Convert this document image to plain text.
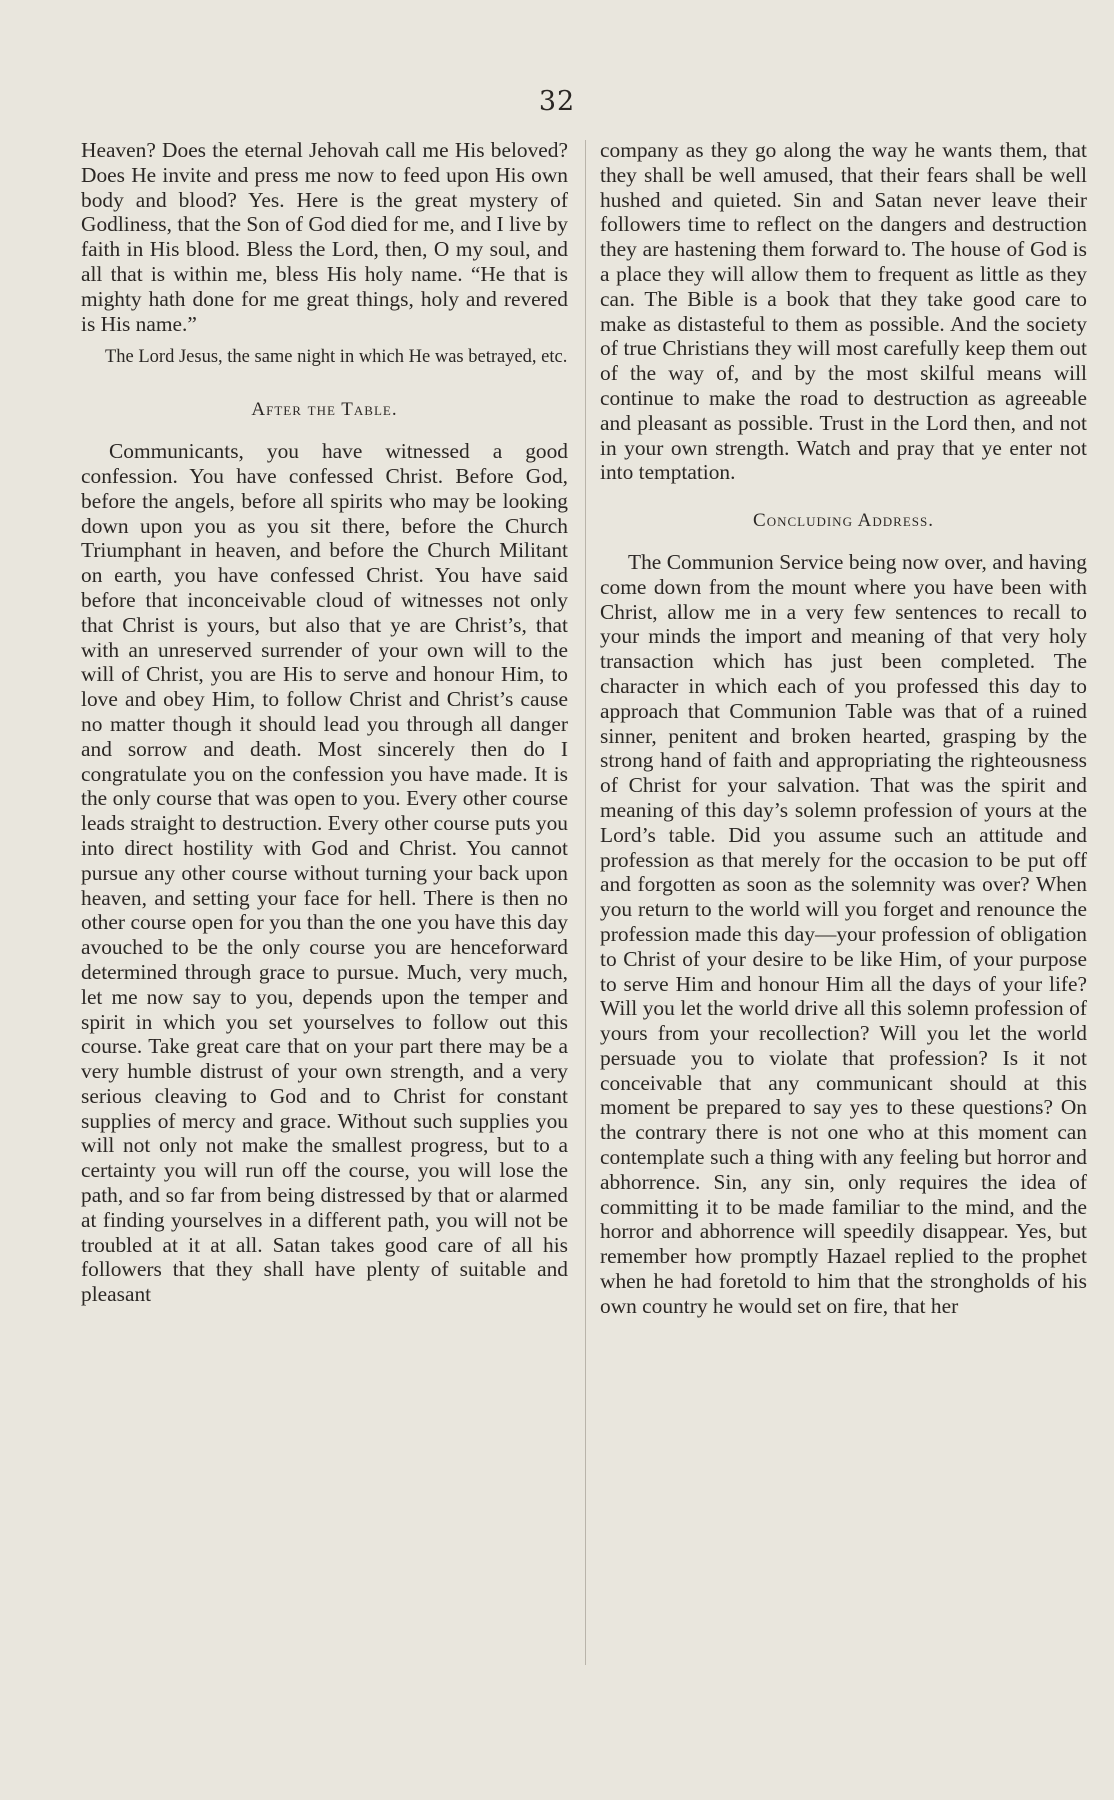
32

Heaven? Does the eternal Jehovah call me His beloved? Does He invite and press me now to feed upon His own body and blood? Yes. Here is the great mystery of Godliness, that the Son of God died for me, and I live by faith in His blood. Bless the Lord, then, O my soul, and all that is within me, bless His holy name. “He that is mighty hath done for me great things, holy and revered is His name.”

The Lord Jesus, the same night in which He was betrayed, etc.

After the Table.

Communicants, you have witnessed a good confession. You have confessed Christ. Before God, before the angels, before all spirits who may be looking down upon you as you sit there, before the Church Triumphant in heaven, and before the Church Militant on earth, you have confessed Christ. You have said before that inconceivable cloud of witnesses not only that Christ is yours, but also that ye are Christ’s, that with an unreserved surrender of your own will to the will of Christ, you are His to serve and honour Him, to love and obey Him, to follow Christ and Christ’s cause no matter though it should lead you through all danger and sorrow and death. Most sincerely then do I congratulate you on the confession you have made. It is the only course that was open to you. Every other course leads straight to destruction. Every other course puts you into direct hostility with God and Christ. You cannot pursue any other course without turning your back upon heaven, and setting your face for hell. There is then no other course open for you than the one you have this day avouched to be the only course you are henceforward determined through grace to pursue. Much, very much, let me now say to you, depends upon the temper and spirit in which you set yourselves to follow out this course. Take great care that on your part there may be a very humble distrust of your own strength, and a very serious cleaving to God and to Christ for constant supplies of mercy and grace. Without such supplies you will not only not make the smallest progress, but to a certainty you will run off the course, you will lose the path, and so far from being distressed by that or alarmed at finding yourselves in a different path, you will not be troubled at it at all. Satan takes good care of all his followers that they shall have plenty of suitable and pleasant

company as they go along the way he wants them, that they shall be well amused, that their fears shall be well hushed and quieted. Sin and Satan never leave their followers time to reflect on the dangers and destruction they are hastening them forward to. The house of God is a place they will allow them to frequent as little as they can. The Bible is a book that they take good care to make as distasteful to them as possible. And the society of true Christians they will most carefully keep them out of the way of, and by the most skilful means will continue to make the road to destruction as agreeable and pleasant as possible. Trust in the Lord then, and not in your own strength. Watch and pray that ye enter not into temptation.

Concluding Address.

The Communion Service being now over, and having come down from the mount where you have been with Christ, allow me in a very few sentences to recall to your minds the import and meaning of that very holy transaction which has just been completed. The character in which each of you professed this day to approach that Communion Table was that of a ruined sinner, penitent and broken hearted, grasping by the strong hand of faith and appropriating the righteousness of Christ for your salvation. That was the spirit and meaning of this day’s solemn profession of yours at the Lord’s table. Did you assume such an attitude and profession as that merely for the occasion to be put off and forgotten as soon as the solemnity was over? When you return to the world will you forget and renounce the profession made this day—your profession of obligation to Christ of your desire to be like Him, of your purpose to serve Him and honour Him all the days of your life? Will you let the world drive all this solemn profession of yours from your recollection? Will you let the world persuade you to violate that profession? Is it not conceivable that any communicant should at this moment be prepared to say yes to these questions? On the contrary there is not one who at this moment can contemplate such a thing with any feeling but horror and abhorrence. Sin, any sin, only requires the idea of committing it to be made familiar to the mind, and the horror and abhorrence will speedily disappear. Yes, but remember how promptly Hazael replied to the prophet when he had foretold to him that the strongholds of his own country he would set on fire, that her
